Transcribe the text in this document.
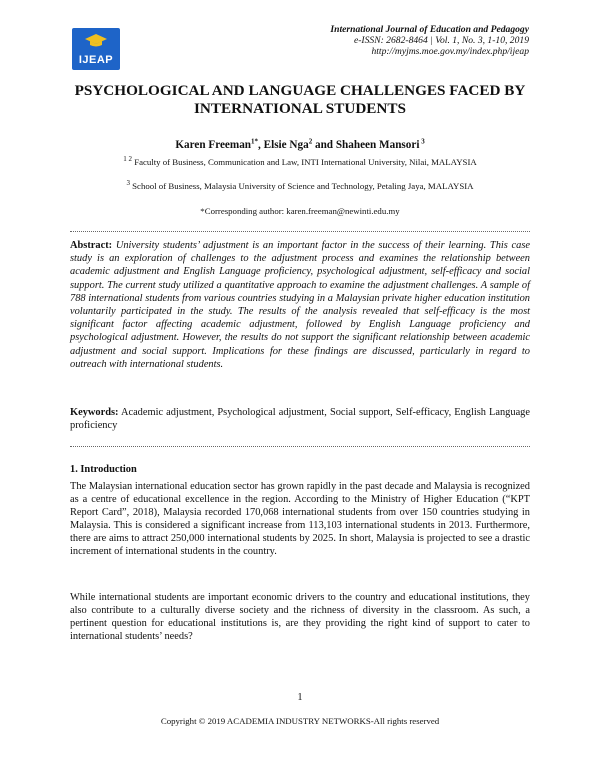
IJEAP
International Journal of Education and Pedagogy
e-ISSN: 2682-8464 | Vol. 1, No. 3, 1-10, 2019
http://myjms.moe.gov.my/index.php/ijeap
PSYCHOLOGICAL AND LANGUAGE CHALLENGES FACED BY INTERNATIONAL STUDENTS
Karen Freeman$^{1*}$, Elsie Nga$^2$ and Shaheen Mansori $^3$
$^{1 2}$ Faculty of Business, Communication and Law, INTI International University, Nilai, MALAYSIA
$^3$ School of Business, Malaysia University of Science and Technology, Petaling Jaya, MALAYSIA
*Corresponding author: karen.freeman@newinti.edu.my
Abstract: University students’ adjustment is an important factor in the success of their learning. This case study is an exploration of challenges to the adjustment process and examines the relationship between academic adjustment and English Language proficiency, psychological adjustment, self-efficacy and social support. The current study utilized a quantitative approach to examine the adjustment challenges. A sample of 788 international students from various countries studying in a Malaysian private higher education institution voluntarily participated in the study. The results of the analysis revealed that self-efficacy is the most significant factor affecting academic adjustment, followed by English Language proficiency and psychological adjustment. However, the results do not support the significant relationship between academic adjustment and social support. Implications for these findings are discussed, particularly in regard to outreach with international students.
Keywords: Academic adjustment, Psychological adjustment, Social support, Self-efficacy, English Language proficiency
1. Introduction
The Malaysian international education sector has grown rapidly in the past decade and Malaysia is recognized as a centre of educational excellence in the region. According to the Ministry of Higher Education (“KPT Report Card”, 2018), Malaysia recorded 170,068 international students from over 150 countries studying in Malaysia. This is considered a significant increase from 113,103 international students in 2013. Furthermore, there are aims to attract 250,000 international students by 2025. In short, Malaysia is projected to see a drastic increment of international students in the country.
While international students are important economic drivers to the country and educational institutions, they also contribute to a culturally diverse society and the richness of diversity in the classroom. As such, a pertinent question for educational institutions is, are they providing the right kind of support to cater to international students’ needs?
1
Copyright © 2019 ACADEMIA INDUSTRY NETWORKS-All rights reserved
